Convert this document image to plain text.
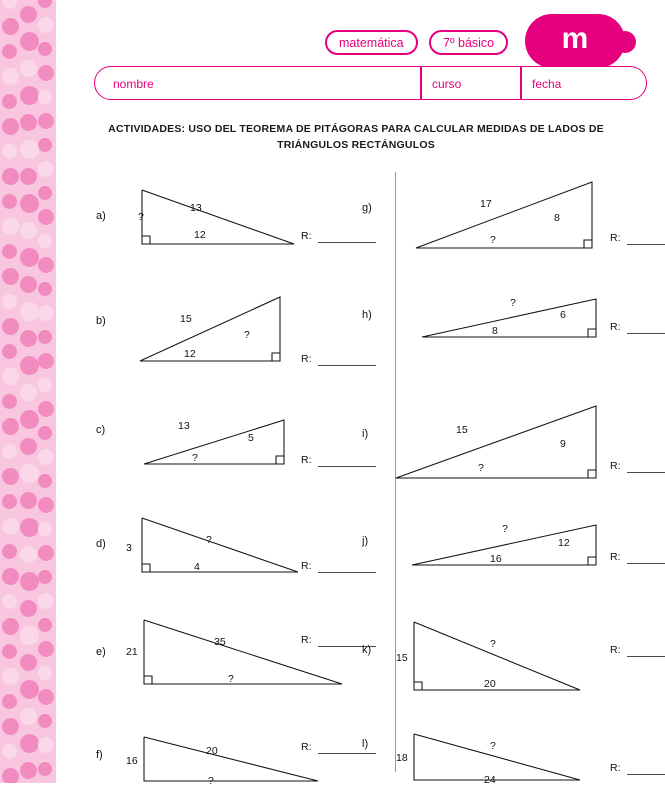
matemática	7º básico	m
nombre	curso	fecha
ACTIVIDADES: USO DEL TEOREMA DE PITÁGORAS PARA CALCULAR MEDIDAS DE LADOS DE TRIÁNGULOS RECTÁNGULOS
a)	?
13
12	R:
b)	15
?
12	R:
c)	13
5
?	R:
d) 3
?
4	R:
e) 21
35
?
R:
f) 16
20
?
R:
g)	17
8
?	R:
h)
?
6
8	R:
i)	15
9
?	R:
j)
?
12
16	R:
k)
15
?
20
R:
l)
18
?
24
R:
